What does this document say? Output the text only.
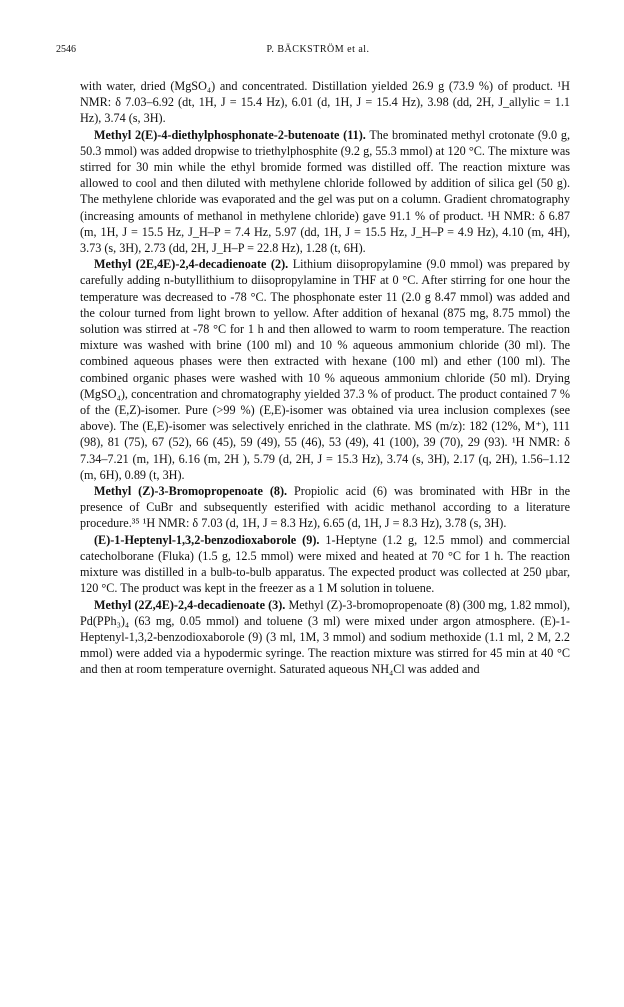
2546	P. BÄCKSTRÖM et al.

with water, dried (MgSO₄) and concentrated. Distillation yielded 26.9 g (73.9 %) of product. ¹H NMR: δ 7.03–6.92 (dt, 1H, J = 15.4 Hz), 6.01 (d, 1H, J = 15.4 Hz), 3.98 (dd, 2H, J_allylic = 1.1 Hz), 3.74 (s, 3H).

Methyl 2(E)-4-diethylphosphonate-2-butenoate (11). The brominated methyl crotonate (9.0 g, 50.3 mmol) was added dropwise to triethylphosphite (9.2 g, 55.3 mmol) at 120 °C. The mixture was stirred for 30 min while the ethyl bromide formed was distilled off. The reaction mixture was allowed to cool and then diluted with methylene chloride followed by addition of silica gel (50 g). The methylene chloride was evaporated and the gel was put on a column. Gradient chromatography (increasing amounts of methanol in methylene chloride) gave 91.1 % of product. ¹H NMR: δ 6.87 (m, 1H, J = 15.5 Hz, J_H–P = 7.4 Hz, 5.97 (dd, 1H, J = 15.5 Hz, J_H–P = 4.9 Hz), 4.10 (m, 4H), 3.73 (s, 3H), 2.73 (dd, 2H, J_H–P = 22.8 Hz), 1.28 (t, 6H).

Methyl (2E,4E)-2,4-decadienoate (2). Lithium diisopropylamine (9.0 mmol) was prepared by carefully adding n-butyllithium to diisopropylamine in THF at 0 °C. After stirring for one hour the temperature was decreased to -78 °C. The phosphonate ester 11 (2.0 g 8.47 mmol) was added and the colour turned from light brown to yellow. After addition of hexanal (875 mg, 8.75 mmol) the solution was stirred at -78 °C for 1 h and then allowed to warm to room temperature. The reaction mixture was washed with brine (100 ml) and 10 % aqueous ammonium chloride (30 ml). The combined aqueous phases were then extracted with hexane (100 ml) and ether (100 ml). The combined organic phases were washed with 10 % aqueous ammonium chloride (50 ml). Drying (MgSO₄), concentration and chromatography yielded 37.3 % of product. The product contained 7 % of the (E,Z)-isomer. Pure (>99 %) (E,E)-isomer was obtained via urea inclusion complexes (see above). The (E,E)-isomer was selectively enriched in the clathrate. MS (m/z): 182 (12%, M⁺), 111 (98), 81 (75), 67 (52), 66 (45), 59 (49), 55 (46), 53 (49), 41 (100), 39 (70), 29 (93). ¹H NMR: δ 7.34–7.21 (m, 1H), 6.16 (m, 2H ), 5.79 (d, 2H, J = 15.3 Hz), 3.74 (s, 3H), 2.17 (q, 2H), 1.56–1.12 (m, 6H), 0.89 (t, 3H).

Methyl (Z)-3-Bromopropenoate (8). Propiolic acid (6) was brominated with HBr in the presence of CuBr and subsequently esterified with acidic methanol according to a literature procedure.³⁵ ¹H NMR: δ 7.03 (d, 1H, J = 8.3 Hz), 6.65 (d, 1H, J = 8.3 Hz), 3.78 (s, 3H).

(E)-1-Heptenyl-1,3,2-benzodioxaborole (9). 1-Heptyne (1.2 g, 12.5 mmol) and commercial catecholborane (Fluka) (1.5 g, 12.5 mmol) were mixed and heated at 70 °C for 1 h. The reaction mixture was distilled in a bulb-to-bulb apparatus. The expected product was collected at 250 μbar, 120 °C. The product was kept in the freezer as a 1 M solution in toluene.

Methyl (2Z,4E)-2,4-decadienoate (3). Methyl (Z)-3-bromopropenoate (8) (300 mg, 1.82 mmol), Pd(PPh₃)₄ (63 mg, 0.05 mmol) and toluene (3 ml) were mixed under argon atmosphere. (E)-1-Heptenyl-1,3,2-benzodioxaborole (9) (3 ml, 1M, 3 mmol) and sodium methoxide (1.1 ml, 2 M, 2.2 mmol) were added via a hypodermic syringe. The reaction mixture was stirred for 45 min at 40 °C and then at room temperature overnight. Saturated aqueous NH₄Cl was added and
